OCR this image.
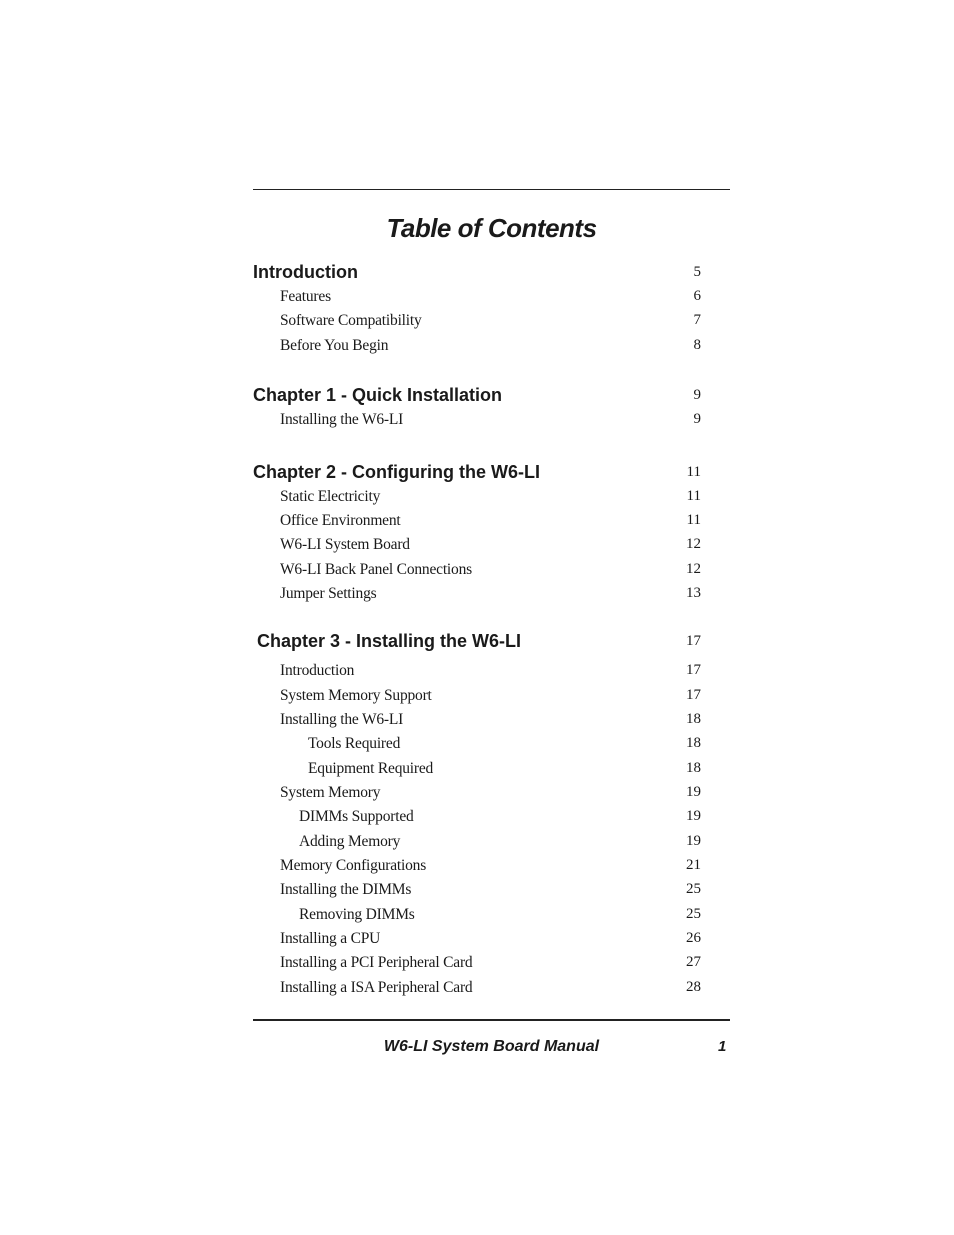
Table of Contents
Introduction	5
Features	6
Software Compatibility	7
Before You Begin	8
Chapter 1 - Quick Installation	9
Installing the W6-LI	9
Chapter 2 - Configuring the W6-LI	11
Static Electricity	11
Office Environment	11
W6-LI System Board	12
W6-LI Back Panel Connections	12
Jumper Settings	13
Chapter 3 - Installing the W6-LI	17
Introduction	17
System Memory Support	17
Installing the W6-LI	18
Tools Required	18
Equipment Required	18
System Memory	19
DIMMs Supported	19
Adding Memory	19
Memory Configurations	21
Installing the DIMMs	25
Removing DIMMs	25
Installing a CPU	26
Installing a PCI Peripheral Card	27
Installing a ISA Peripheral Card	28
W6-LI System Board Manual	1
